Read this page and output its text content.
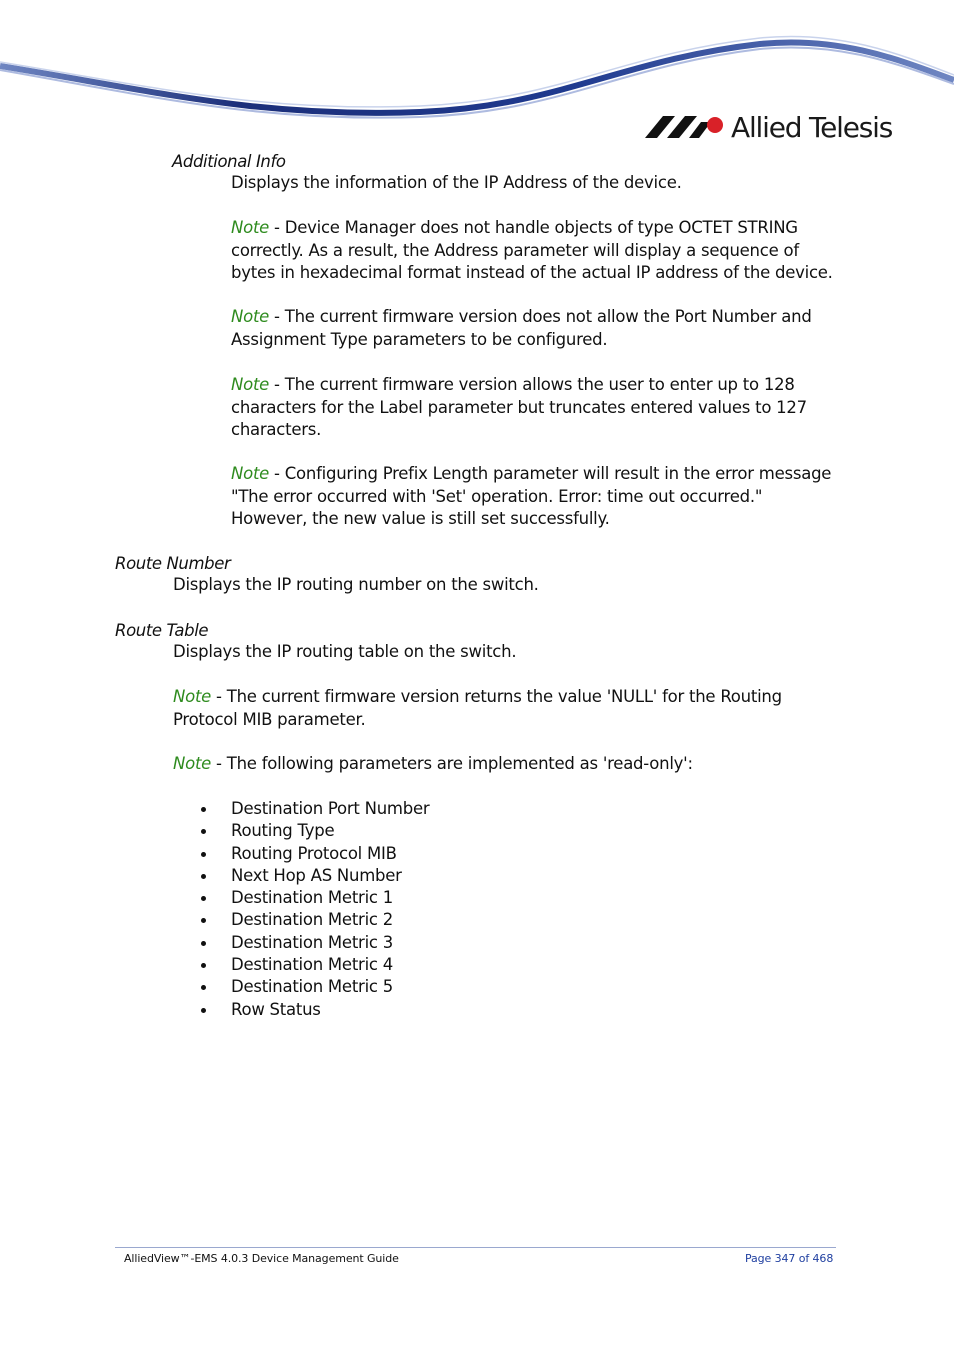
Allied Telesis
Additional Info
Displays the information of the IP Address of the device.
Note - Device Manager does not handle objects of type OCTET STRING correctly. As a result, the Address parameter will display a sequence of bytes in hexadecimal format instead of the actual IP address of the device.
Note - The current firmware version does not allow the Port Number and Assignment Type parameters to be configured.
Note - The current firmware version allows the user to enter up to 128 characters for the Label parameter but truncates entered values to 127 characters.
Note - Configuring Prefix Length parameter will result in the error message "The error occurred with 'Set' operation. Error: time out occurred." However, the new value is still set successfully.
Route Number
Displays the IP routing number on the switch.
Route Table
Displays the IP routing table on the switch.
Note - The current firmware version returns the value 'NULL' for the Routing Protocol MIB parameter.
Note - The following parameters are implemented as 'read-only':
Destination Port Number
Routing Type
Routing Protocol MIB
Next Hop AS Number
Destination Metric 1
Destination Metric 2
Destination Metric 3
Destination Metric 4
Destination Metric 5
Row Status
AlliedView™-EMS 4.0.3 Device Management Guide	Page 347 of 468
